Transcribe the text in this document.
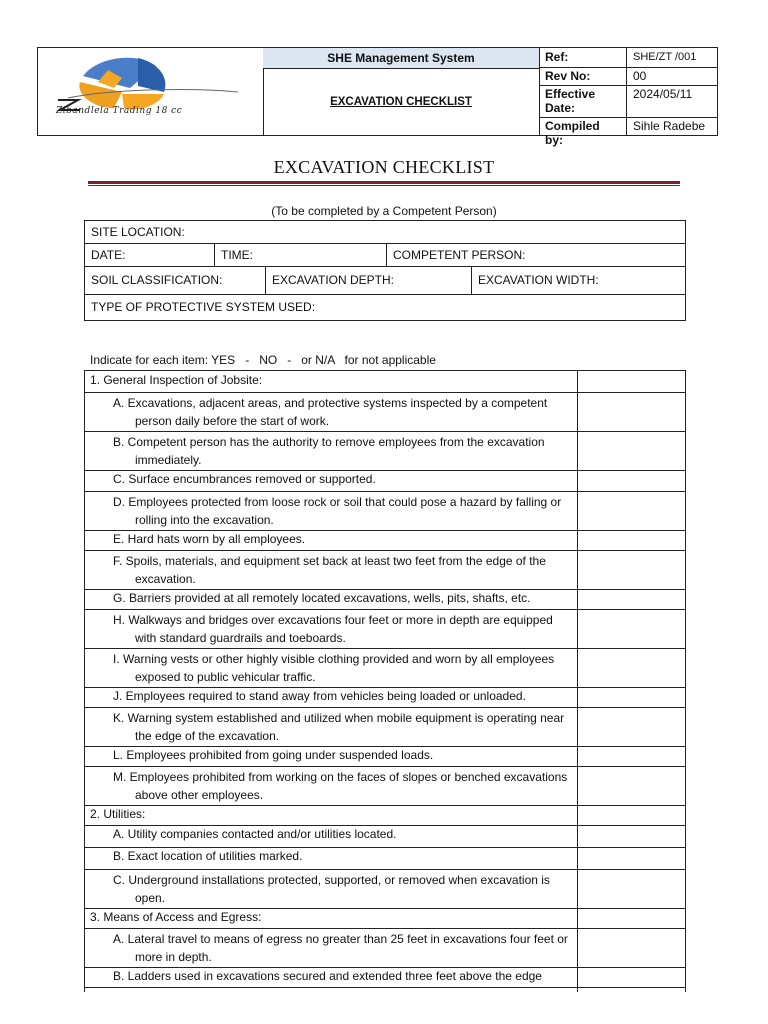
Zibandlela Trading 18 cc
SHE Management System
EXCAVATION CHECKLIST
Ref:	SHE/ZT /001
Rev No:	00
Effective Date:
2024/05/11
Compiled by:
Sihle Radebe
EXCAVATION CHECKLIST
(To be completed by a Competent Person)
SITE LOCATION:
DATE:	TIME:	COMPETENT PERSON:
SOIL CLASSIFICATION:	EXCAVATION DEPTH:	EXCAVATION WIDTH:
TYPE OF PROTECTIVE SYSTEM USED:
Indicate for each item: YES   -   NO   -   or N/A   for not applicable
1. General Inspection of Jobsite:
A. Excavations, adjacent areas, and protective systems inspected by a competent person daily before the start of work.
B. Competent person has the authority to remove employees from the excavation immediately.
C. Surface encumbrances removed or supported.
D. Employees protected from loose rock or soil that could pose a hazard by falling or rolling into the excavation.
E. Hard hats worn by all employees.
F. Spoils, materials, and equipment set back at least two feet from the edge of the excavation.
G. Barriers provided at all remotely located excavations, wells, pits, shafts, etc.
H. Walkways and bridges over excavations four feet or more in depth are equipped with standard guardrails and toeboards.
I. Warning vests or other highly visible clothing provided and worn by all employees exposed to public vehicular traffic.
J. Employees required to stand away from vehicles being loaded or unloaded.
K. Warning system established and utilized when mobile equipment is operating near the edge of the excavation.
L. Employees prohibited from going under suspended loads.
M. Employees prohibited from working on the faces of slopes or benched excavations above other employees.
2. Utilities:
A. Utility companies contacted and/or utilities located.
B. Exact location of utilities marked.
C. Underground installations protected, supported, or removed when excavation is open.
3. Means of Access and Egress:
A. Lateral travel to means of egress no greater than 25 feet in excavations four feet or more in depth.
B. Ladders used in excavations secured and extended three feet above the edge
